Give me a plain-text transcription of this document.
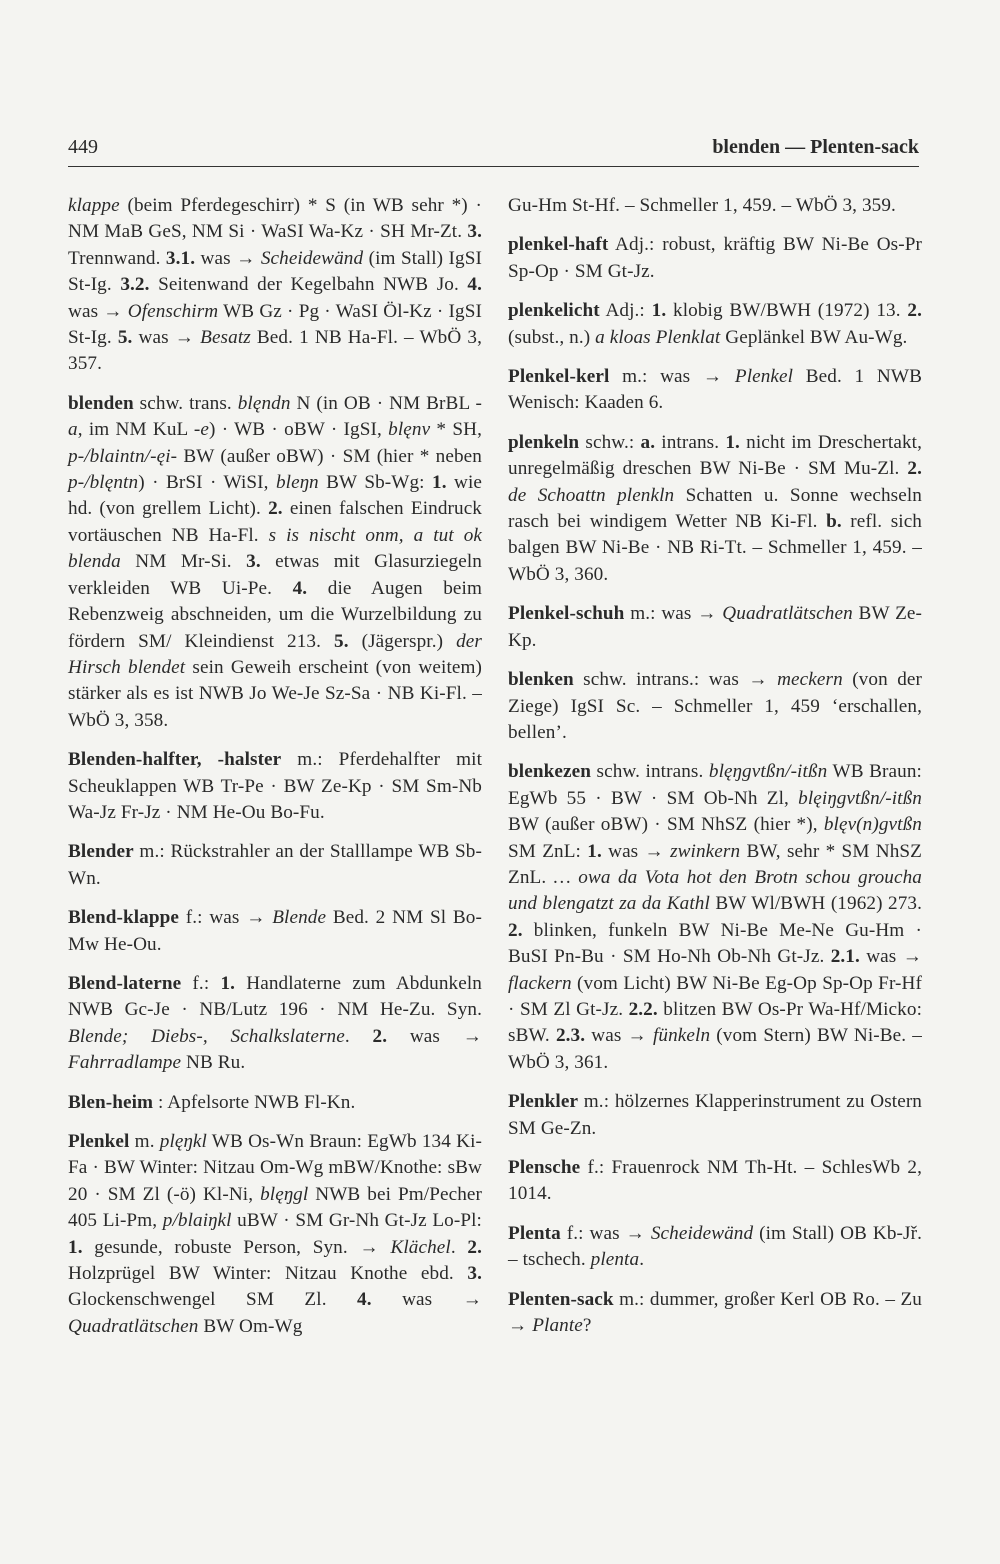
449	blenden — Plenten-sack

klappe (beim Pferdegeschirr) * S (in WB sehr *) · NM MaB GeS, NM Si · WaSI Wa-Kz · SH Mr-Zt. 3. Trennwand. 3.1. was → Scheidewänd (im Stall) IgSI St-Ig. 3.2. Seitenwand der Kegelbahn NWB Jo. 4. was → Ofenschirm WB Gz · Pg · WaSI Öl-Kz · IgSI St-Ig. 5. was → Besatz Bed. 1 NB Ha-Fl. – WbÖ 3, 357.

blenden schw. trans. blęndn N (in OB · NM BrBL -a, im NM KuL -e) · WB · oBW · IgSI, blęnv * SH, p-/blaintn/-ęi- BW (außer oBW) · SM (hier * neben p-/blęntn) · BrSI · WiSI, bleŋn BW Sb-Wg: 1. wie hd. (von grellem Licht). 2. einen falschen Eindruck vortäuschen NB Ha-Fl. s is nischt onm, a tut ok blenda NM Mr-Si. 3. etwas mit Glasurziegeln verkleiden WB Ui-Pe. 4. die Augen beim Rebenzweig abschneiden, um die Wurzelbildung zu fördern SM/ Kleindienst 213. 5. (Jägerspr.) der Hirsch blendet sein Geweih erscheint (von weitem) stärker als es ist NWB Jo We-Je Sz-Sa · NB Ki-Fl. – WbÖ 3, 358.

Blenden-halfter, -halster m.: Pferdehalfter mit Scheuklappen WB Tr-Pe · BW Ze-Kp · SM Sm-Nb Wa-Jz Fr-Jz · NM He-Ou Bo-Fu.

Blender m.: Rückstrahler an der Stalllampe WB Sb-Wn.

Blend-klappe f.: was → Blende Bed. 2 NM Sl Bo-Mw He-Ou.

Blend-laterne f.: 1. Handlaterne zum Abdunkeln NWB Gc-Je · NB/Lutz 196 · NM He-Zu. Syn. Blende; Diebs-, Schalkslaterne. 2. was → Fahrradlampe NB Ru.

Blen-heim : Apfelsorte NWB Fl-Kn.

Plenkel m. plęŋkl WB Os-Wn Braun: EgWb 134 Ki-Fa · BW Winter: Nitzau Om-Wg mBW/Knothe: sBw 20 · SM Zl (-ö) Kl-Ni, blęŋgl NWB bei Pm/Pecher 405 Li-Pm, p/blaiŋkl uBW · SM Gr-Nh Gt-Jz Lo-Pl: 1. gesunde, robuste Person, Syn. → Klächel. 2. Holzprügel BW Winter: Nitzau Knothe ebd. 3. Glockenschwengel SM Zl. 4. was → Quadratlätschen BW Om-Wg

Gu-Hm St-Hf. – Schmeller 1, 459. – WbÖ 3, 359.

plenkel-haft Adj.: robust, kräftig BW Ni-Be Os-Pr Sp-Op · SM Gt-Jz.

plenkelicht Adj.: 1. klobig BW/BWH (1972) 13. 2. (subst., n.) a kloas Plenklat Geplänkel BW Au-Wg.

Plenkel-kerl m.: was → Plenkel Bed. 1 NWB Wenisch: Kaaden 6.

plenkeln schw.: a. intrans. 1. nicht im Dreschertakt, unregelmäßig dreschen BW Ni-Be · SM Mu-Zl. 2. de Schoattn plenkln Schatten u. Sonne wechseln rasch bei windigem Wetter NB Ki-Fl. b. refl. sich balgen BW Ni-Be · NB Ri-Tt. – Schmeller 1, 459. – WbÖ 3, 360.

Plenkel-schuh m.: was → Quadratlätschen BW Ze-Kp.

blenken schw. intrans.: was → meckern (von der Ziege) IgSI Sc. – Schmeller 1, 459 ‘erschallen, bellen’.

blenkezen schw. intrans. blęŋgvtßn/-itßn WB Braun: EgWb 55 · BW · SM Ob-Nh Zl, blęiŋgvtßn/-itßn BW (außer oBW) · SM NhSZ (hier *), blęv(n)gvtßn SM ZnL: 1. was → zwinkern BW, sehr * SM NhSZ ZnL. … owa da Vota hot den Brotn schou groucha und blengatzt za da Kathl BW Wl/BWH (1962) 273. 2. blinken, funkeln BW Ni-Be Me-Ne Gu-Hm · BuSI Pn-Bu · SM Ho-Nh Ob-Nh Gt-Jz. 2.1. was → flackern (vom Licht) BW Ni-Be Eg-Op Sp-Op Fr-Hf · SM Zl Gt-Jz. 2.2. blitzen BW Os-Pr Wa-Hf/Micko: sBW. 2.3. was → fünkeln (vom Stern) BW Ni-Be. – WbÖ 3, 361.

Plenkler m.: hölzernes Klapperinstrument zu Ostern SM Ge-Zn.

Plensche f.: Frauenrock NM Th-Ht. – SchlesWb 2, 1014.

Plenta f.: was → Scheidewänd (im Stall) OB Kb-Jř. – tschech. plenta.

Plenten-sack m.: dummer, großer Kerl OB Ro. – Zu → Plante?
